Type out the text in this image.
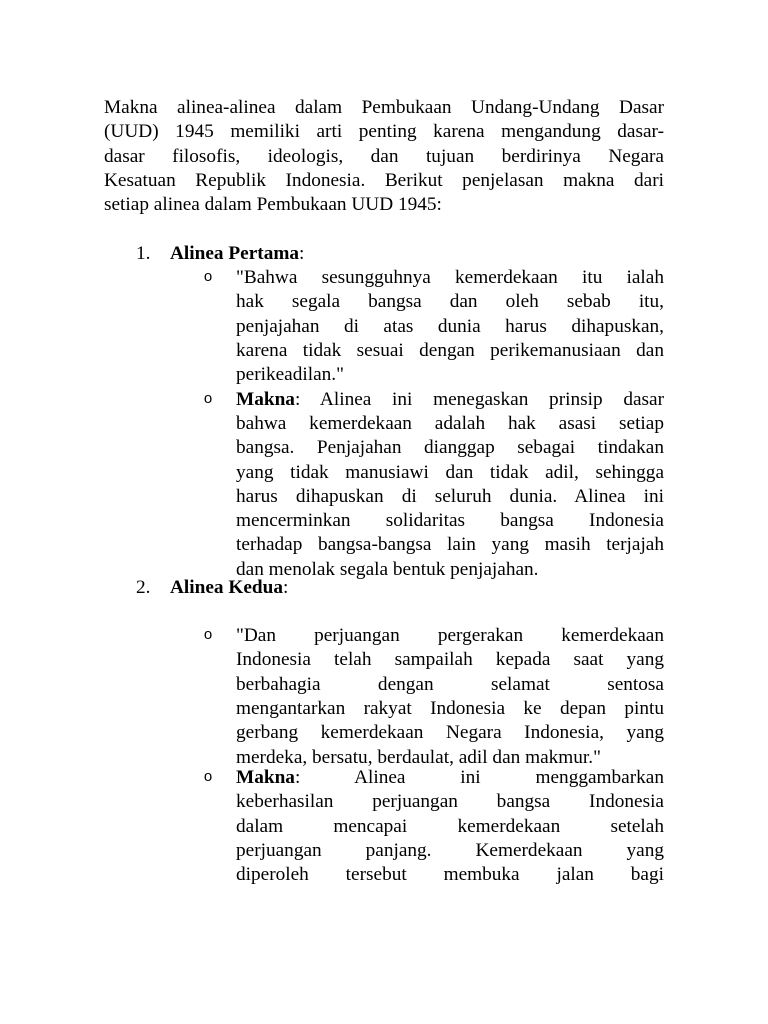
Makna alinea-alinea dalam Pembukaan Undang-Undang Dasar
(UUD) 1945 memiliki arti penting karena mengandung dasar-
dasar filosofis, ideologis, dan tujuan berdirinya Negara
Kesatuan Republik Indonesia. Berikut penjelasan makna dari
setiap alinea dalam Pembukaan UUD 1945:
1. Alinea Pertama:
o "Bahwa sesungguhnya kemerdekaan itu ialah
hak segala bangsa dan oleh sebab itu,
penjajahan di atas dunia harus dihapuskan,
karena tidak sesuai dengan perikemanusiaan dan
perikeadilan."
o Makna: Alinea ini menegaskan prinsip dasar
bahwa kemerdekaan adalah hak asasi setiap
bangsa. Penjajahan dianggap sebagai tindakan
yang tidak manusiawi dan tidak adil, sehingga
harus dihapuskan di seluruh dunia. Alinea ini
mencerminkan solidaritas bangsa Indonesia
terhadap bangsa-bangsa lain yang masih terjajah
dan menolak segala bentuk penjajahan.
2. Alinea Kedua:
o "Dan perjuangan pergerakan kemerdekaan
Indonesia telah sampailah kepada saat yang
berbahagia dengan selamat sentosa
mengantarkan rakyat Indonesia ke depan pintu
gerbang kemerdekaan Negara Indonesia, yang
merdeka, bersatu, berdaulat, adil dan makmur."
o Makna: Alinea ini menggambarkan
keberhasilan perjuangan bangsa Indonesia
dalam mencapai kemerdekaan setelah
perjuangan panjang. Kemerdekaan yang
diperoleh tersebut membuka jalan bagi
